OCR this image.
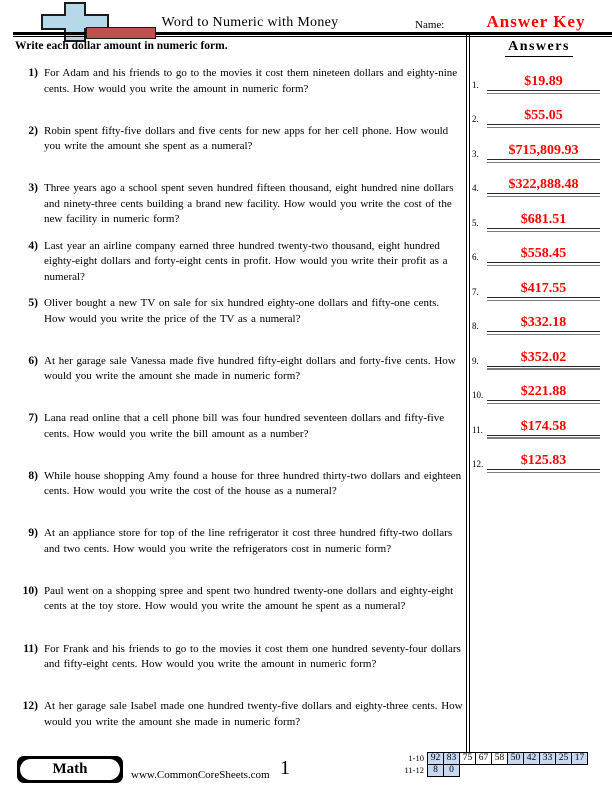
Word to Numeric with Money	Name:	Answer Key
Write each dollar amount in numeric form.	Answers
1) For Adam and his friends to go to the movies it cost them nineteen dollars and eighty-nine cents. How would you write the amount in numeric form?
2) Robin spent fifty-five dollars and five cents for new apps for her cell phone. How would you write the amount she spent as a numeral?
3) Three years ago a school spent seven hundred fifteen thousand, eight hundred nine dollars and ninety-three cents building a brand new facility. How would you write the cost of the new facility in numeric form?
4) Last year an airline company earned three hundred twenty-two thousand, eight hundred eighty-eight dollars and forty-eight cents in profit. How would you write their profit as a numeral?
5) Oliver bought a new TV on sale for six hundred eighty-one dollars and fifty-one cents. How would you write the price of the TV as a numeral?
6) At her garage sale Vanessa made five hundred fifty-eight dollars and forty-five cents. How would you write the amount she made in numeric form?
7) Lana read online that a cell phone bill was four hundred seventeen dollars and fifty-five cents. How would you write the bill amount as a number?
8) While house shopping Amy found a house for three hundred thirty-two dollars and eighteen cents. How would you write the cost of the house as a numeral?
9) At an appliance store for top of the line refrigerator it cost three hundred fifty-two dollars and two cents. How would you write the refrigerators cost in numeric form?
10) Paul went on a shopping spree and spent two hundred twenty-one dollars and eighty-eight cents at the toy store. How would you write the amount he spent as a numeral?
11) For Frank and his friends to go to the movies it cost them one hundred seventy-four dollars and fifty-eight cents. How would you write the amount in numeric form?
12) At her garage sale Isabel made one hundred twenty-five dollars and eighty-three cents. How would you write the amount she made in numeric form?
1.	$19.89
2.	$55.05
3.	$715,809.93
4.	$322,888.48
5.	$681.51
6.	$558.45
7.	$417.55
8.	$332.18
9.	$352.02
10.	$221.88
11.	$174.58
12.	$125.83
Math	www.CommonCoreSheets.com 1	1-10 92 83 75 67 58 50 42 33 25 17
11-12 8	0
